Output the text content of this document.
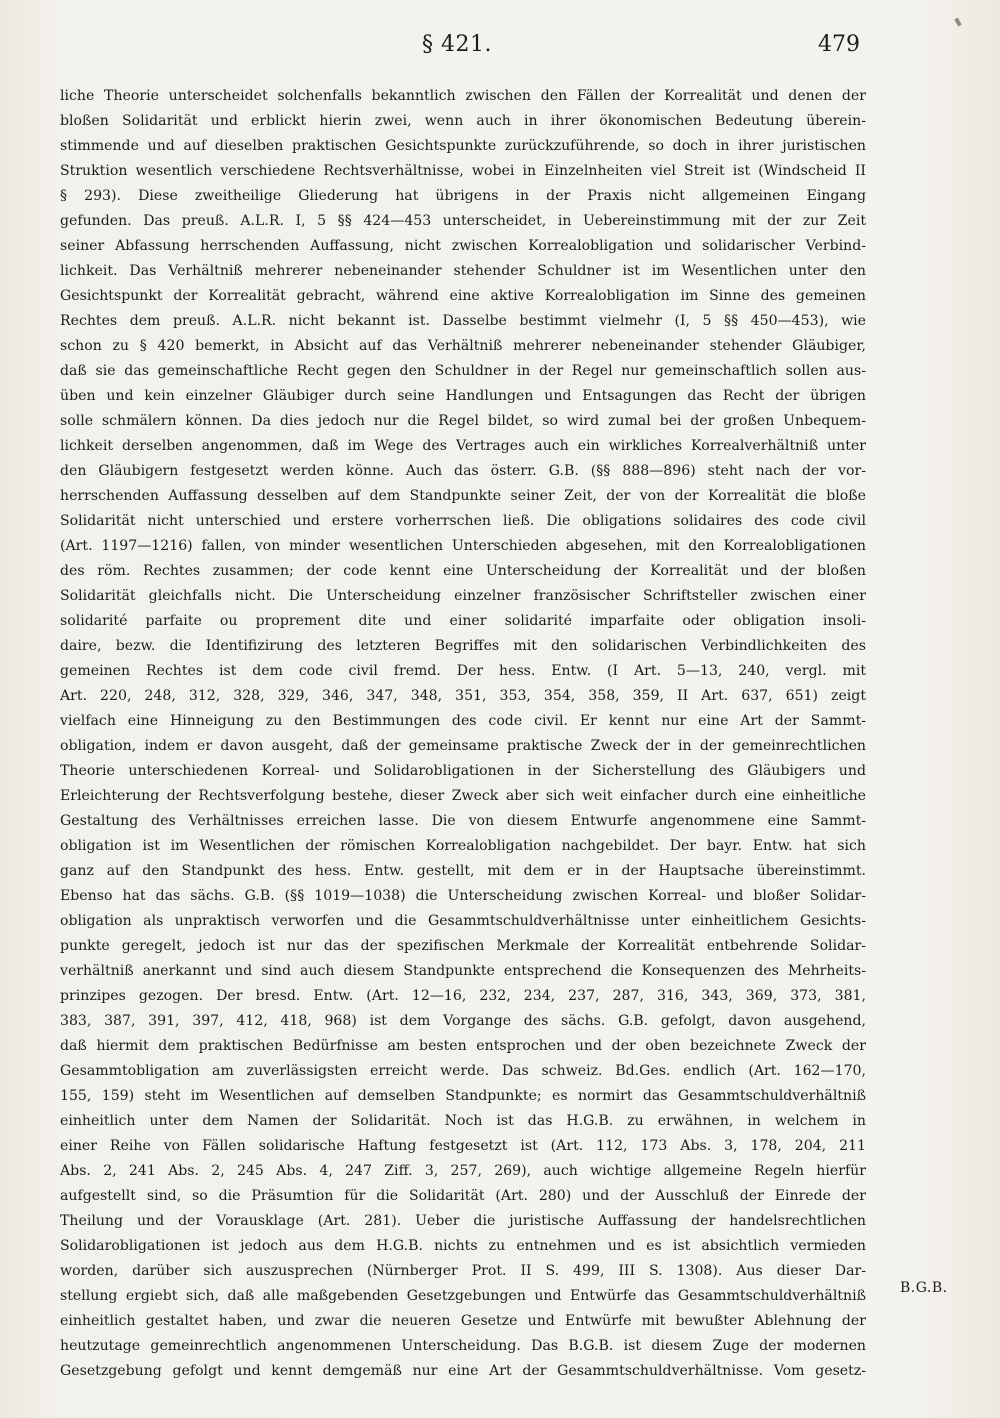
§ 421.	479
liche Theorie unterscheidet solchenfalls bekanntlich zwischen den Fällen der Korrealität und denen der
bloßen Solidarität und erblickt hierin zwei, wenn auch in ihrer ökonomischen Bedeutung überein-
stimmende und auf dieselben praktischen Gesichtspunkte zurückzuführende, so doch in ihrer juristischen
Struktion wesentlich verschiedene Rechtsverhältnisse, wobei in Einzelnheiten viel Streit ist (Windscheid II
§ 293). Diese zweitheilige Gliederung hat übrigens in der Praxis nicht allgemeinen Eingang
gefunden. Das preuß. A.L.R. I, 5 §§ 424—453 unterscheidet, in Uebereinstimmung mit der zur Zeit
seiner Abfassung herrschenden Auffassung, nicht zwischen Korrealobligation und solidarischer Verbind-
lichkeit. Das Verhältniß mehrerer nebeneinander stehender Schuldner ist im Wesentlichen unter den
Gesichtspunkt der Korrealität gebracht, während eine aktive Korrealobligation im Sinne des gemeinen
Rechtes dem preuß. A.L.R. nicht bekannt ist. Dasselbe bestimmt vielmehr (I, 5 §§ 450—453), wie
schon zu § 420 bemerkt, in Absicht auf das Verhältniß mehrerer nebeneinander stehender Gläubiger,
daß sie das gemeinschaftliche Recht gegen den Schuldner in der Regel nur gemeinschaftlich sollen aus-
üben und kein einzelner Gläubiger durch seine Handlungen und Entsagungen das Recht der übrigen
solle schmälern können. Da dies jedoch nur die Regel bildet, so wird zumal bei der großen Unbequem-
lichkeit derselben angenommen, daß im Wege des Vertrages auch ein wirkliches Korrealverhältniß unter
den Gläubigern festgesetzt werden könne. Auch das österr. G.B. (§§ 888—896) steht nach der vor-
herrschenden Auffassung desselben auf dem Standpunkte seiner Zeit, der von der Korrealität die bloße
Solidarität nicht unterschied und erstere vorherrschen ließ. Die obligations solidaires des code civil
(Art. 1197—1216) fallen, von minder wesentlichen Unterschieden abgesehen, mit den Korrealobligationen
des röm. Rechtes zusammen; der code kennt eine Unterscheidung der Korrealität und der bloßen
Solidarität gleichfalls nicht. Die Unterscheidung einzelner französischer Schriftsteller zwischen einer
solidarité parfaite ou proprement dite und einer solidarité imparfaite oder obligation insoli-
daire, bezw. die Identifizirung des letzteren Begriffes mit den solidarischen Verbindlichkeiten des
gemeinen Rechtes ist dem code civil fremd. Der hess. Entw. (I Art. 5—13, 240, vergl. mit
Art. 220, 248, 312, 328, 329, 346, 347, 348, 351, 353, 354, 358, 359, II Art. 637, 651) zeigt
vielfach eine Hinneigung zu den Bestimmungen des code civil. Er kennt nur eine Art der Sammt-
obligation, indem er davon ausgeht, daß der gemeinsame praktische Zweck der in der gemeinrechtlichen
Theorie unterschiedenen Korreal- und Solidarobligationen in der Sicherstellung des Gläubigers und
Erleichterung der Rechtsverfolgung bestehe, dieser Zweck aber sich weit einfacher durch eine einheitliche
Gestaltung des Verhältnisses erreichen lasse. Die von diesem Entwurfe angenommene eine Sammt-
obligation ist im Wesentlichen der römischen Korrealobligation nachgebildet. Der bayr. Entw. hat sich
ganz auf den Standpunkt des hess. Entw. gestellt, mit dem er in der Hauptsache übereinstimmt.
Ebenso hat das sächs. G.B. (§§ 1019—1038) die Unterscheidung zwischen Korreal- und bloßer Solidar-
obligation als unpraktisch verworfen und die Gesammtschuldverhältnisse unter einheitlichem Gesichts-
punkte geregelt, jedoch ist nur das der spezifischen Merkmale der Korrealität entbehrende Solidar-
verhältniß anerkannt und sind auch diesem Standpunkte entsprechend die Konsequenzen des Mehrheits-
prinzipes gezogen. Der bresd. Entw. (Art. 12—16, 232, 234, 237, 287, 316, 343, 369, 373, 381,
383, 387, 391, 397, 412, 418, 968) ist dem Vorgange des sächs. G.B. gefolgt, davon ausgehend,
daß hiermit dem praktischen Bedürfnisse am besten entsprochen und der oben bezeichnete Zweck der
Gesammtobligation am zuverlässigsten erreicht werde. Das schweiz. Bd.Ges. endlich (Art. 162—170,
155, 159) steht im Wesentlichen auf demselben Standpunkte; es normirt das Gesammtschuldverhältniß
einheitlich unter dem Namen der Solidarität. Noch ist das H.G.B. zu erwähnen, in welchem in
einer Reihe von Fällen solidarische Haftung festgesetzt ist (Art. 112, 173 Abs. 3, 178, 204, 211
Abs. 2, 241 Abs. 2, 245 Abs. 4, 247 Ziff. 3, 257, 269), auch wichtige allgemeine Regeln hierfür
aufgestellt sind, so die Präsumtion für die Solidarität (Art. 280) und der Ausschluß der Einrede der
Theilung und der Vorausklage (Art. 281). Ueber die juristische Auffassung der handelsrechtlichen
Solidarobligationen ist jedoch aus dem H.G.B. nichts zu entnehmen und es ist absichtlich vermieden
worden, darüber sich auszusprechen (Nürnberger Prot. II S. 499, III S. 1308). Aus dieser Dar-
stellung ergiebt sich, daß alle maßgebenden Gesetzgebungen und Entwürfe das Gesammtschuldverhältniß
einheitlich gestaltet haben, und zwar die neueren Gesetze und Entwürfe mit bewußter Ablehnung der
heutzutage gemeinrechtlich angenommenen Unterscheidung. Das B.G.B. ist diesem Zuge der modernen
Gesetzgebung gefolgt und kennt demgemäß nur eine Art der Gesammtschuldverhältnisse. Vom gesetz-
B.G.B.
